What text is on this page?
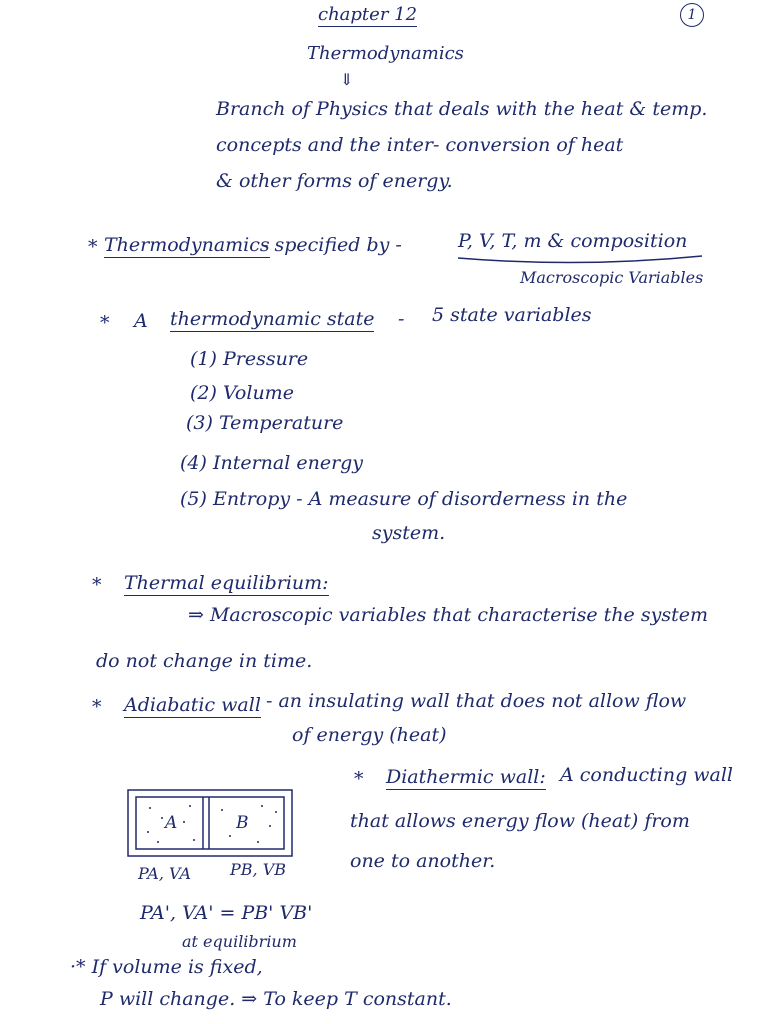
chapter 12	1
Thermodynamics
⇓
Branch of Physics that deals with the heat & temp.
concepts and the inter- conversion of heat
& other forms of energy.
* Thermodynamics
- specified by -	P, V, T, m & composition
Macroscopic Variables
* A thermodynamic state - 5 state variables
(1) Pressure
(2) Volume
(3) Temperature
(4) Internal energy
(5) Entropy - A measure of disorderness in the
system.
* Thermal equilibrium:
⇒ Macroscopic variables that characterise the system
do not change in time.
* Adiabatic wall - an insulating wall that does not allow flow
of energy (heat)
* Diathermic wall: A conducting wall
that allows energy flow (heat) from
one to another.
A	B
PA, VA PB, VB
PA', VA' = PB' VB'
at equilibrium
·* If volume is fixed,
P will change. ⇒ To keep T constant.
